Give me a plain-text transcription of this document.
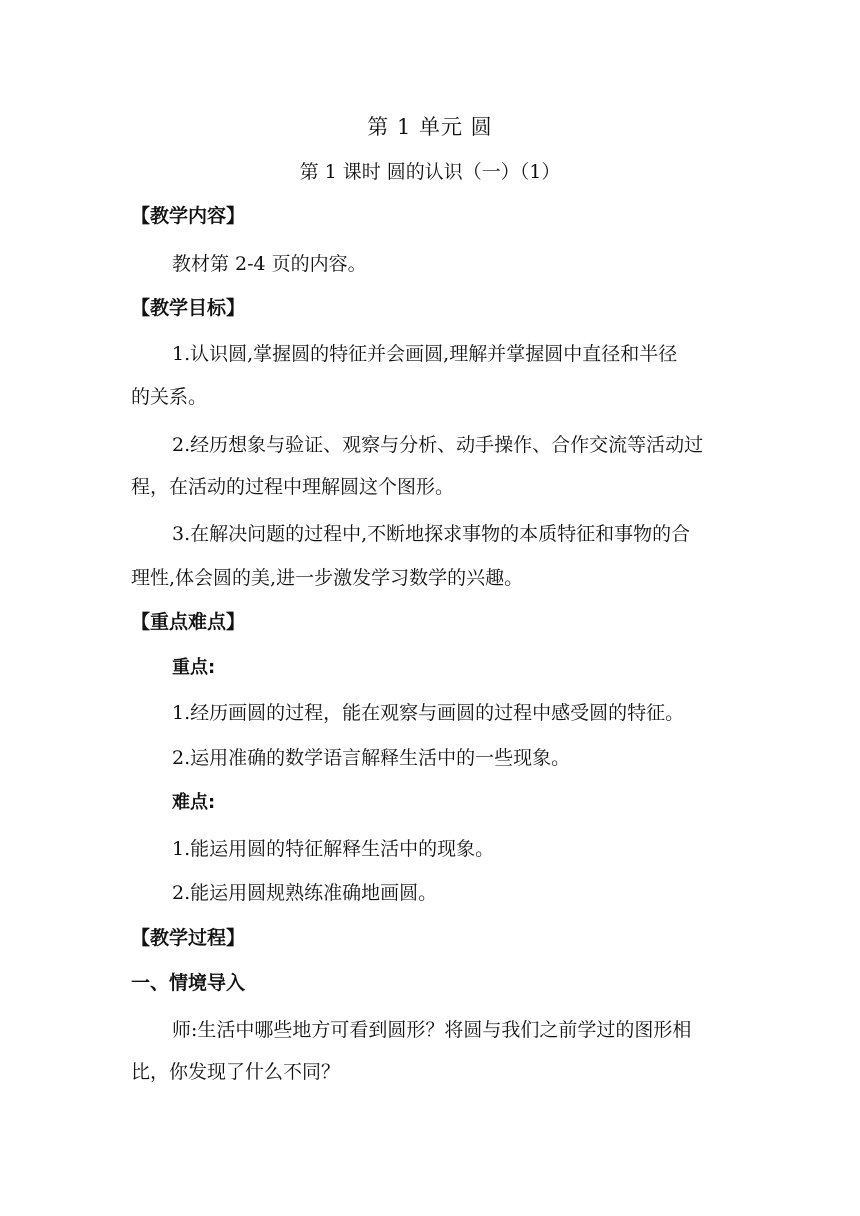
第 1 单元 圆
第 1 课时 圆的认识（一）（1）
【教学内容】
教材第 2-4 页的内容。
【教学目标】
1.认识圆,掌握圆的特征并会画圆,理解并掌握圆中直径和半径
的关系。
2.经历想象与验证、观察与分析、动手操作、合作交流等活动过
程，在活动的过程中理解圆这个图形。
3.在解决问题的过程中,不断地探求事物的本质特征和事物的合
理性,体会圆的美,进一步激发学习数学的兴趣。
【重点难点】
重点:
1.经历画圆的过程，能在观察与画圆的过程中感受圆的特征。
2.运用准确的数学语言解释生活中的一些现象。
难点:
1.能运用圆的特征解释生活中的现象。
2.能运用圆规熟练准确地画圆。
【教学过程】
一、情境导入
师:生活中哪些地方可看到圆形？将圆与我们之前学过的图形相
比，你发现了什么不同？
